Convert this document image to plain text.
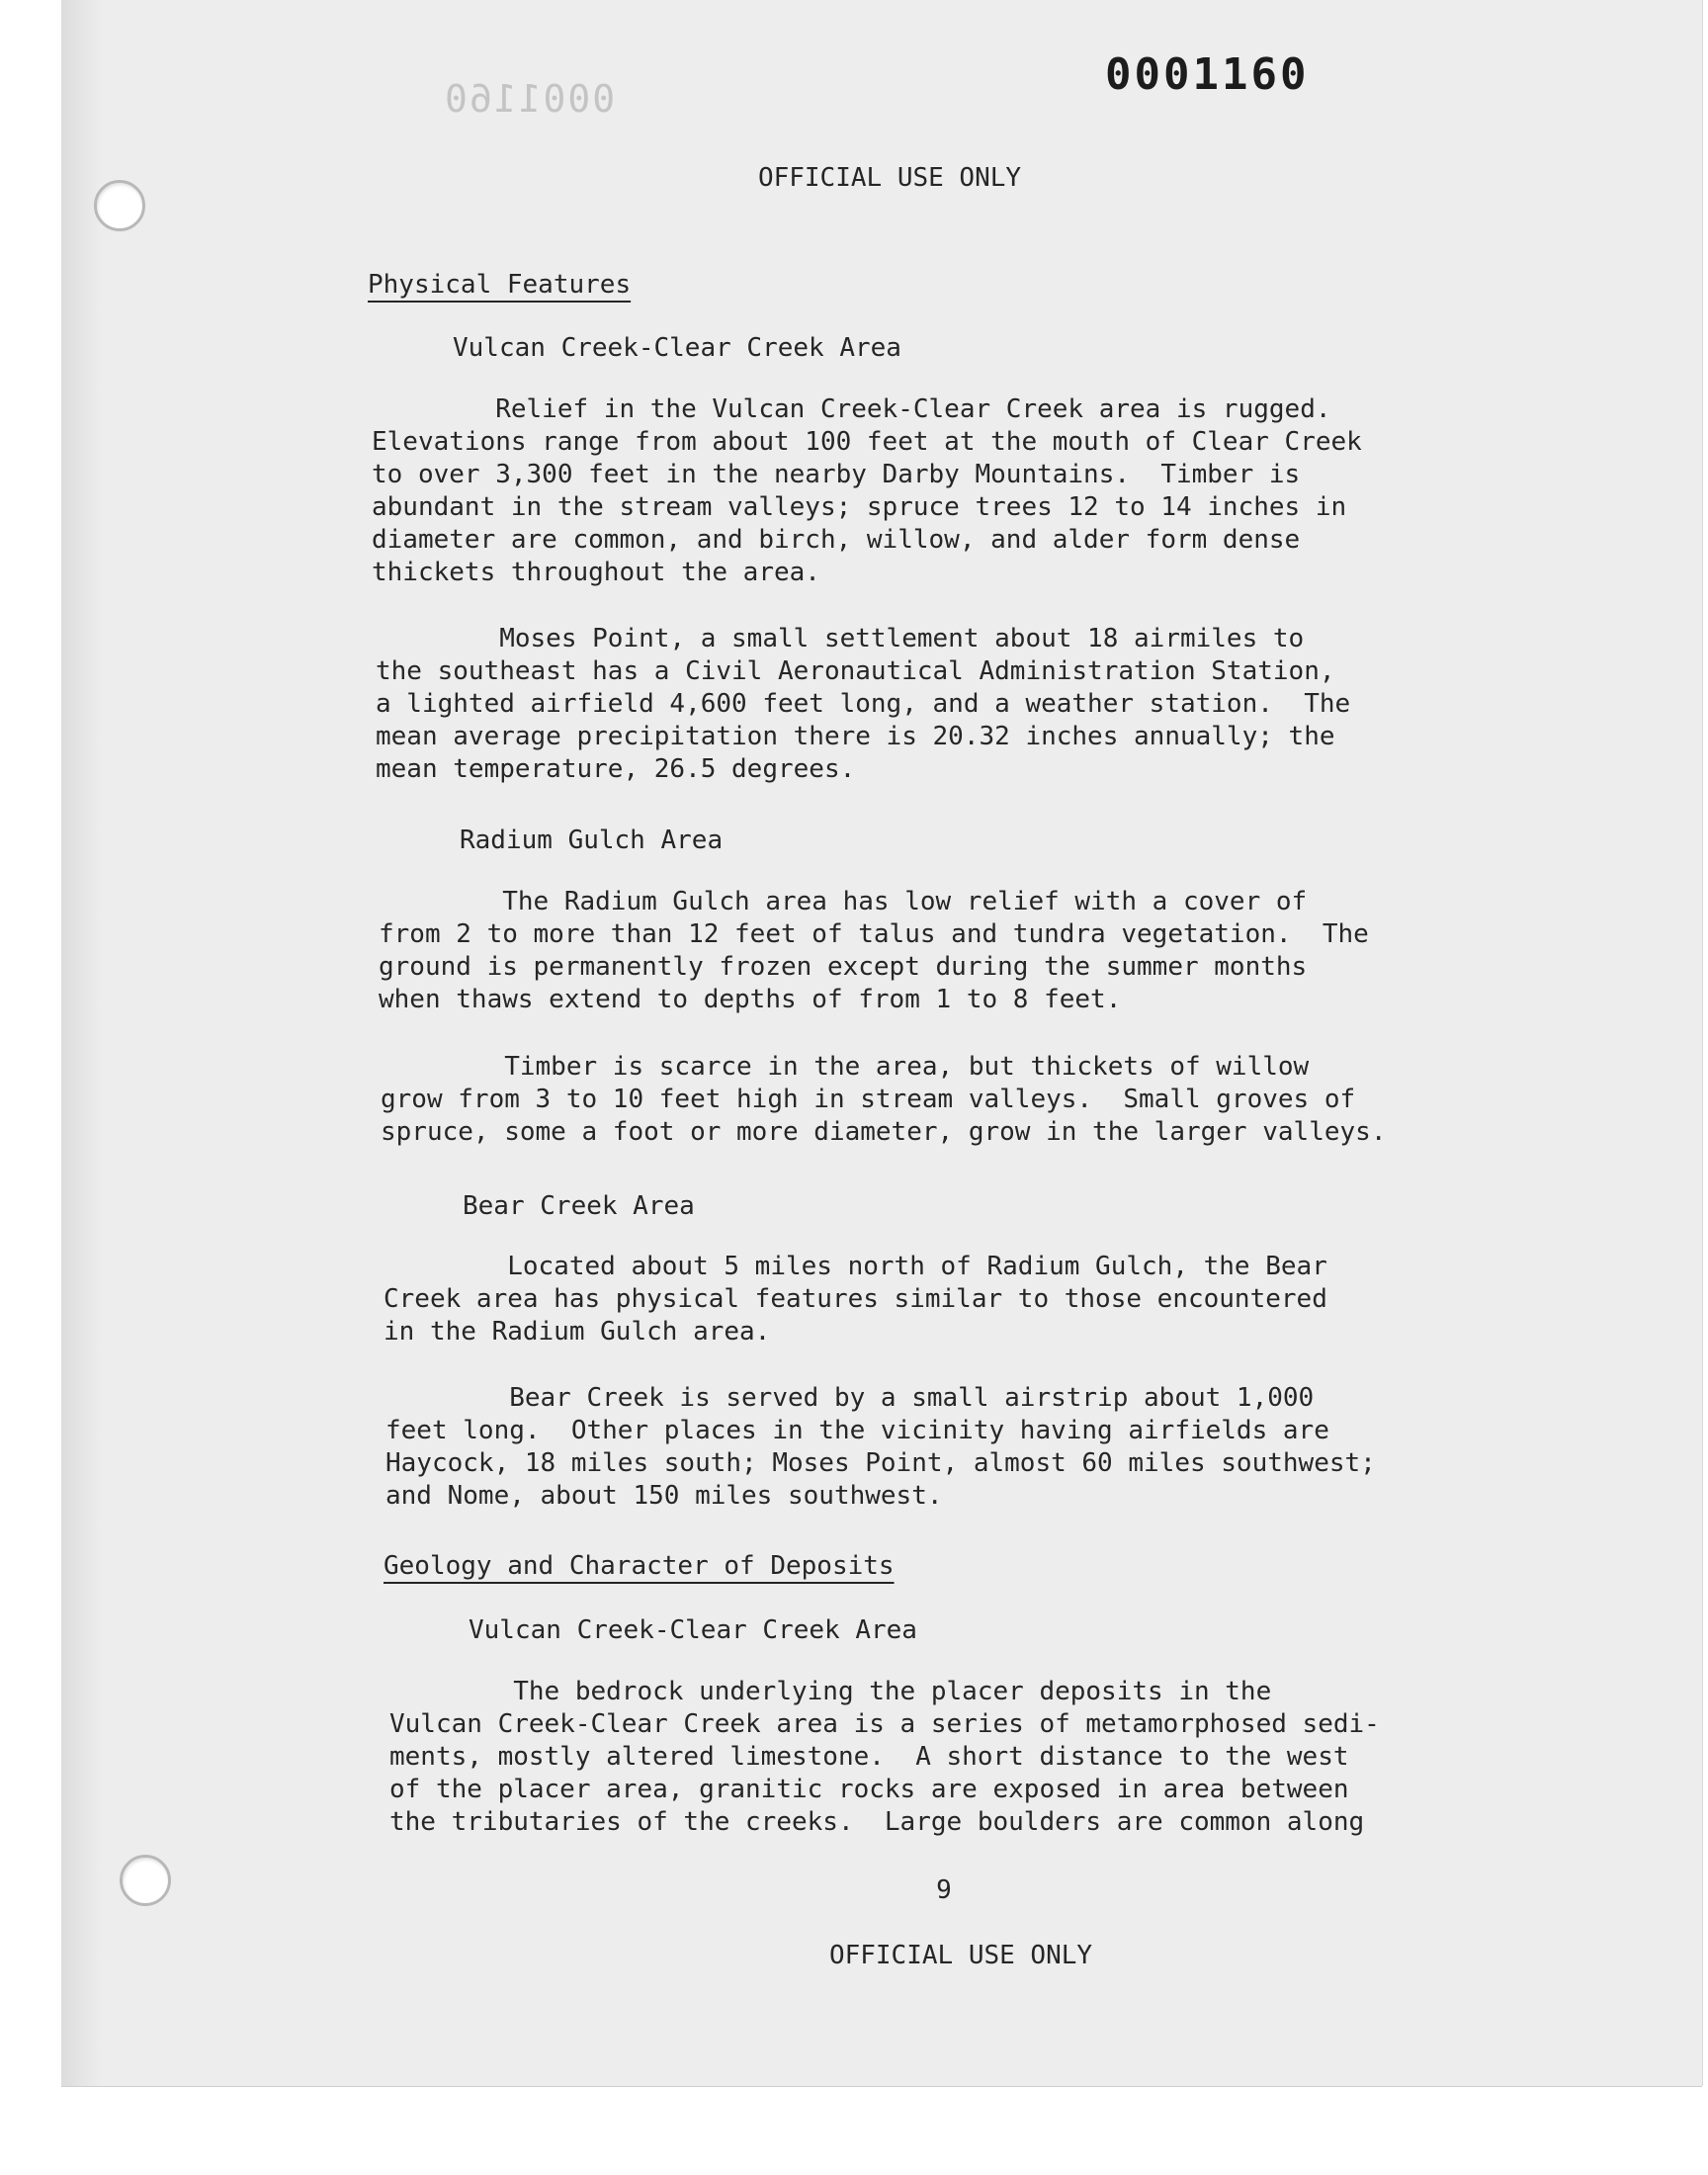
0001160	0001160

OFFICIAL USE ONLY

Physical Features

Vulcan Creek-Clear Creek Area

Relief in the Vulcan Creek-Clear Creek area is rugged.
Elevations range from about 100 feet at the mouth of Clear Creek
to over 3,300 feet in the nearby Darby Mountains.  Timber is
abundant in the stream valleys; spruce trees 12 to 14 inches in
diameter are common, and birch, willow, and alder form dense
thickets throughout the area.

Moses Point, a small settlement about 18 airmiles to
the southeast has a Civil Aeronautical Administration Station,
a lighted airfield 4,600 feet long, and a weather station.  The
mean average precipitation there is 20.32 inches annually; the
mean temperature, 26.5 degrees.

Radium Gulch Area

The Radium Gulch area has low relief with a cover of
from 2 to more than 12 feet of talus and tundra vegetation.  The
ground is permanently frozen except during the summer months
when thaws extend to depths of from 1 to 8 feet.

Timber is scarce in the area, but thickets of willow
grow from 3 to 10 feet high in stream valleys.  Small groves of
spruce, some a foot or more diameter, grow in the larger valleys.

Bear Creek Area

Located about 5 miles north of Radium Gulch, the Bear
Creek area has physical features similar to those encountered
in the Radium Gulch area.

Bear Creek is served by a small airstrip about 1,000
feet long.  Other places in the vicinity having airfields are
Haycock, 18 miles south; Moses Point, almost 60 miles southwest;
and Nome, about 150 miles southwest.

Geology and Character of Deposits

Vulcan Creek-Clear Creek Area

The bedrock underlying the placer deposits in the
Vulcan Creek-Clear Creek area is a series of metamorphosed sedi-
ments, mostly altered limestone.  A short distance to the west
of the placer area, granitic rocks are exposed in area between
the tributaries of the creeks.  Large boulders are common along

9

OFFICIAL USE ONLY
